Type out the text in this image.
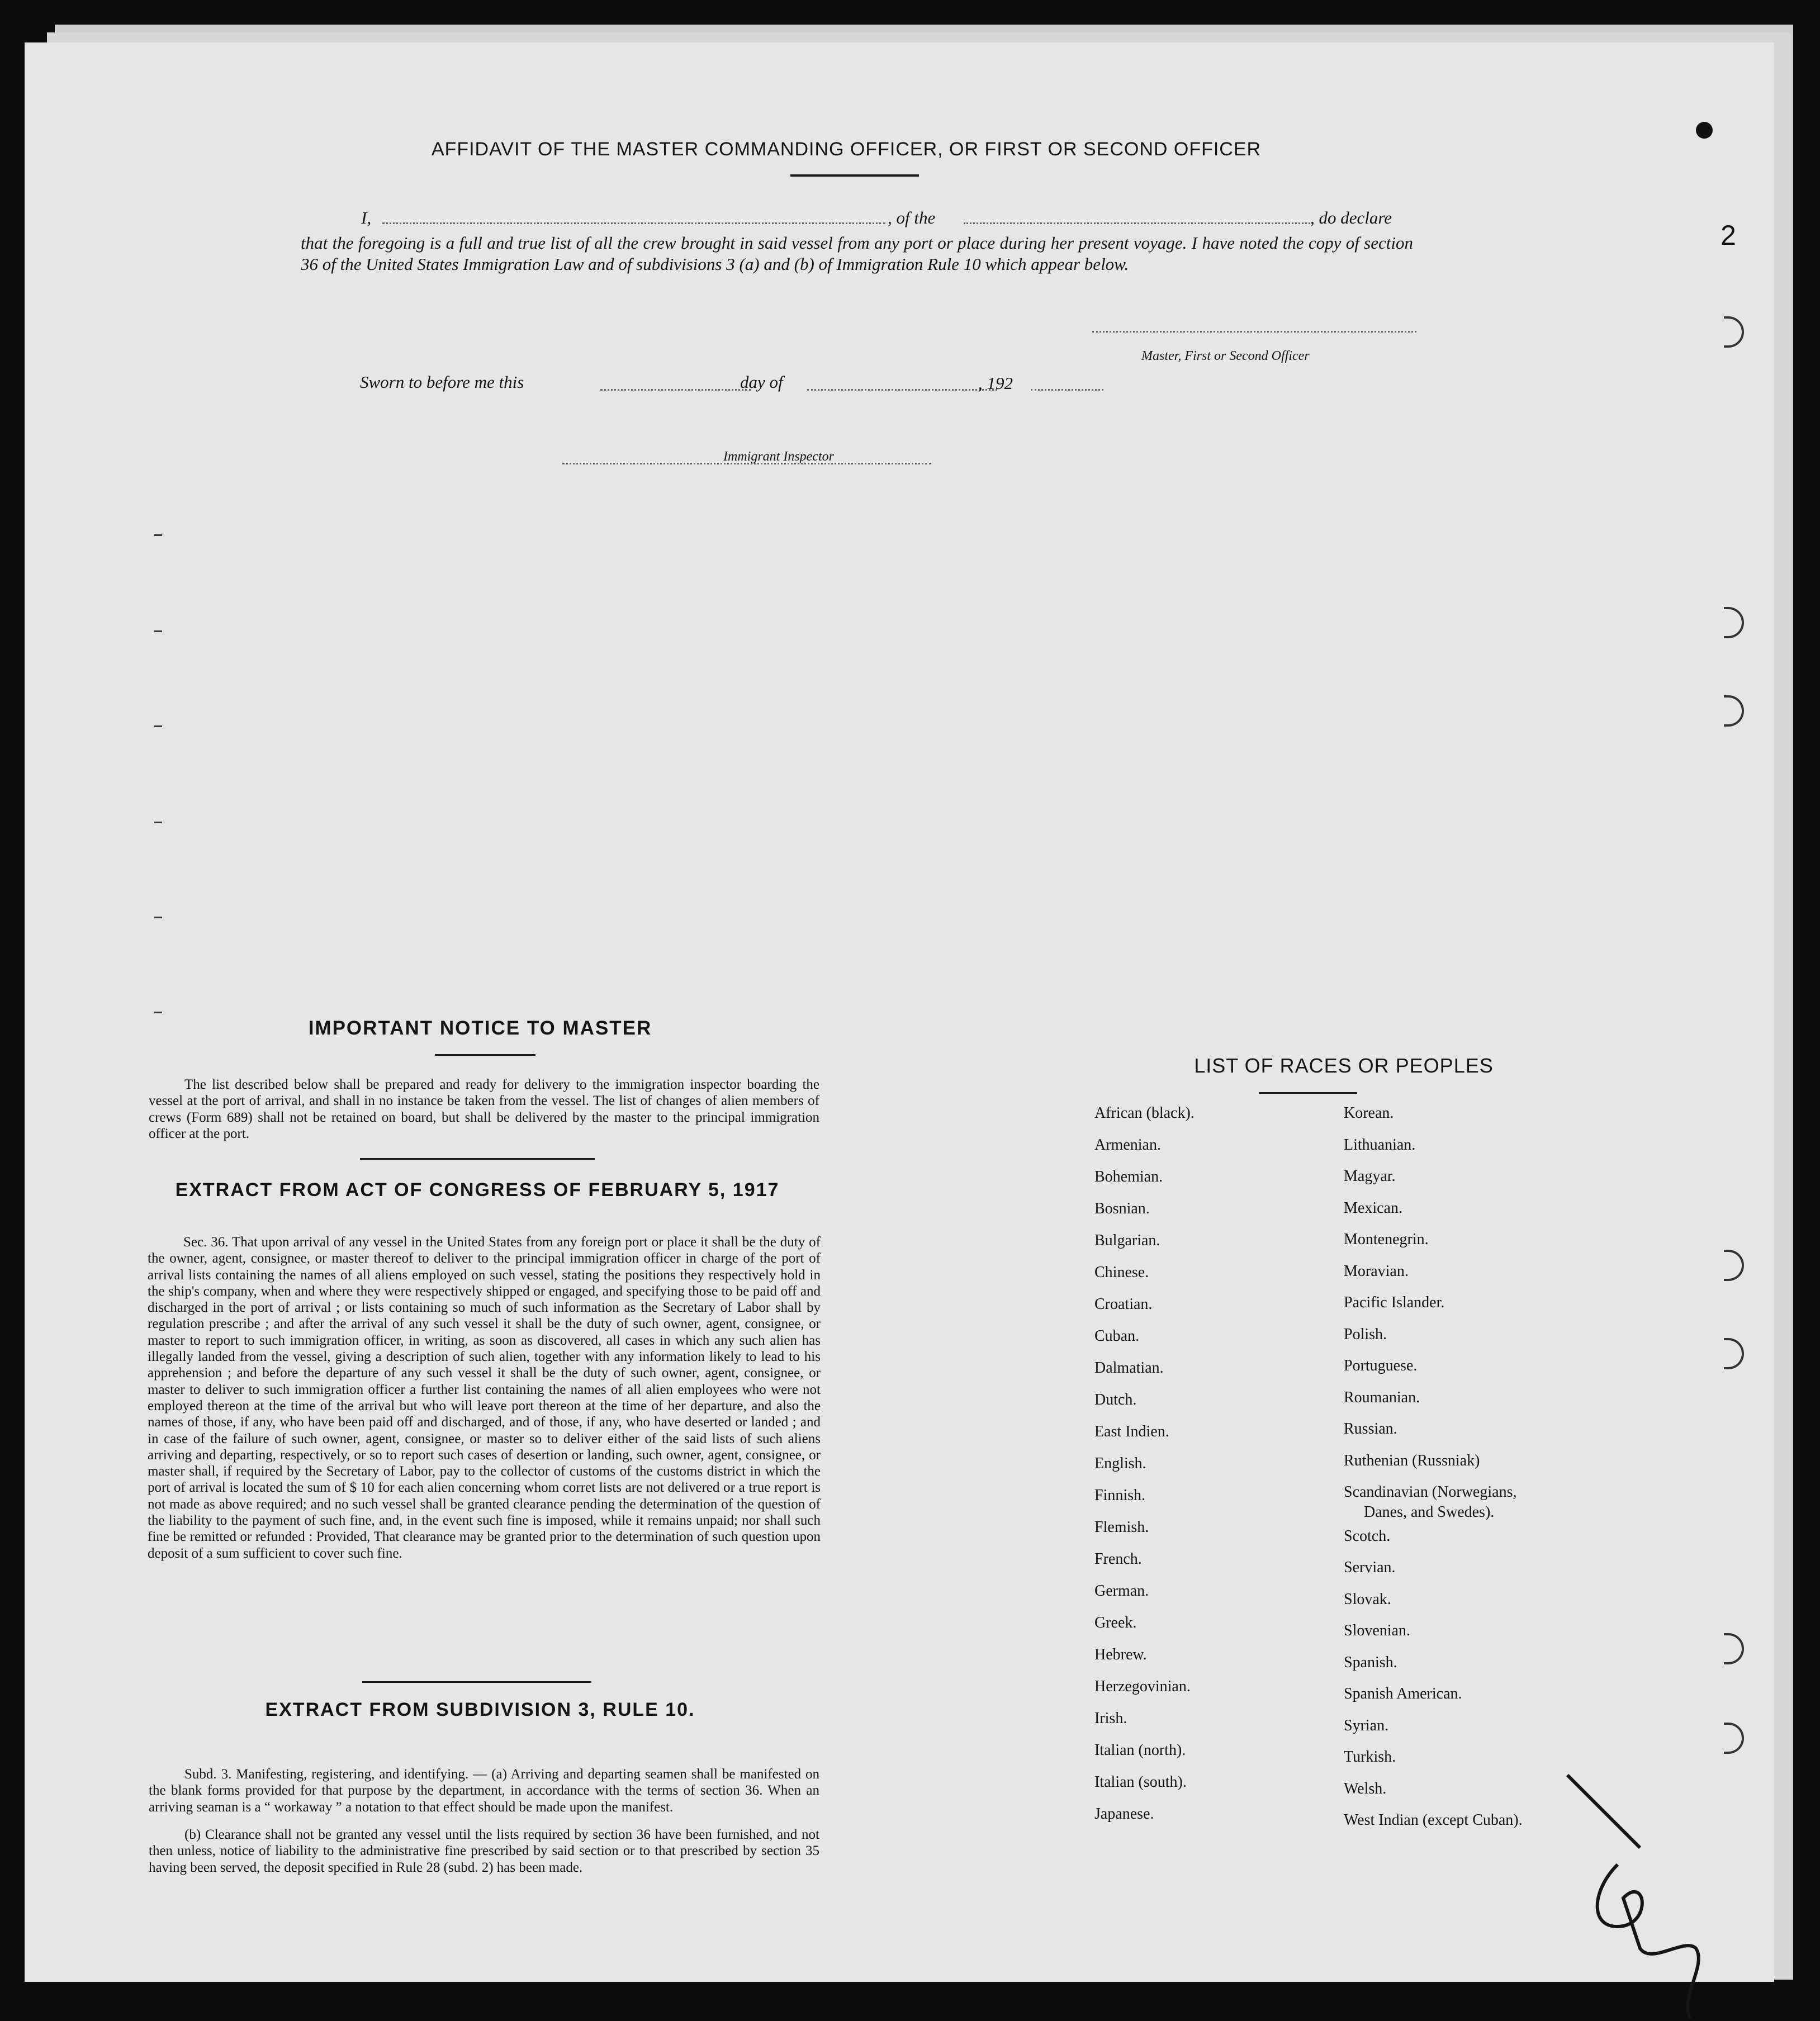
AFFIDAVIT OF THE MASTER COMMANDING OFFICER, OR FIRST OR SECOND OFFICER
I,	, of the	, do declare

that the foregoing is a full and true list of all the crew brought in said vessel from any port or place during her present voyage. I have noted the copy of section 36 of the United States Immigration Law and of subdivisions 3 (a) and (b) of Immigration Rule 10 which appear below.

Master, First or Second Officer
Sworn to before me this	day of	, 192
Immigrant Inspector
IMPORTANT NOTICE TO MASTER

The list described below shall be prepared and ready for delivery to the immigration inspector boarding the vessel at the port of arrival, and shall in no instance be taken from the vessel. The list of changes of alien members of crews (Form 689) shall not be retained on board, but shall be delivered by the master to the principal immigration officer at the port.

EXTRACT FROM ACT OF CONGRESS OF FEBRUARY 5, 1917

Sec. 36. That upon arrival of any vessel in the United States from any foreign port or place it shall be the duty of the owner, agent, consignee, or master thereof to deliver to the principal immigration officer in charge of the port of arrival lists containing the names of all aliens employed on such vessel, stating the positions they respectively hold in the ship's company, when and where they were respectively shipped or engaged, and specifying those to be paid off and discharged in the port of arrival ; or lists containing so much of such information as the Secretary of Labor shall by regulation prescribe ; and after the arrival of any such vessel it shall be the duty of such owner, agent, consignee, or master to report to such immigration officer, in writing, as soon as discovered, all cases in which any such alien has illegally landed from the vessel, giving a description of such alien, together with any information likely to lead to his apprehension ; and before the departure of any such vessel it shall be the duty of such owner, agent, consignee, or master to deliver to such immigration officer a further list containing the names of all alien employees who were not employed thereon at the time of the arrival but who will leave port thereon at the time of her departure, and also the names of those, if any, who have been paid off and discharged, and of those, if any, who have deserted or landed ; and in case of the failure of such owner, agent, consignee, or master so to deliver either of the said lists of such aliens arriving and departing, respectively, or so to report such cases of desertion or landing, such owner, agent, consignee, or master shall, if required by the Secretary of Labor, pay to the collector of customs of the customs district in which the port of arrival is located the sum of $ 10 for each alien concerning whom corret lists are not delivered or a true report is not made as above required; and no such vessel shall be granted clearance pending the determination of the question of the liability to the payment of such fine, and, in the event such fine is imposed, while it remains unpaid; nor shall such fine be remitted or refunded : Provided, That clearance may be granted prior to the determination of such question upon deposit of a sum sufficient to cover such fine.

EXTRACT FROM SUBDIVISION 3, RULE 10.

Subd. 3. Manifesting, registering, and identifying. — (a) Arriving and departing seamen shall be manifested on the blank forms provided for that purpose by the department, in accordance with the terms of section 36. When an arriving seaman is a “ workaway ” a notation to that effect should be made upon the manifest.

(b) Clearance shall not be granted any vessel until the lists required by section 36 have been furnished, and not then unless, notice of liability to the administrative fine prescribed by said section or to that prescribed by section 35 having been served, the deposit specified in Rule 28 (subd. 2) has been made.

LIST OF RACES OR PEOPLES
African (black).
Armenian.
Bohemian.
Bosnian.
Bulgarian.
Chinese.
Croatian.
Cuban.
Dalmatian.
Dutch.
East Indien.
English.
Finnish.
Flemish.
French.
German.
Greek.
Hebrew.
Herzegovinian.
Irish.
Italian (north).
Italian (south).
Japanese.
Korean.
Lithuanian.
Magyar.
Mexican.
Montenegrin.
Moravian.
Pacific Islander.
Polish.
Portuguese.
Roumanian.
Russian.
Ruthenian (Russniak)
Scandinavian (Norwegians,
Scotch.
Servian.
Slovak.
Slovenian.
Spanish.
Spanish American.
Syrian.
Turkish.
Welsh.
West Indian (except Cuban).
Danes, and Swedes).
2
